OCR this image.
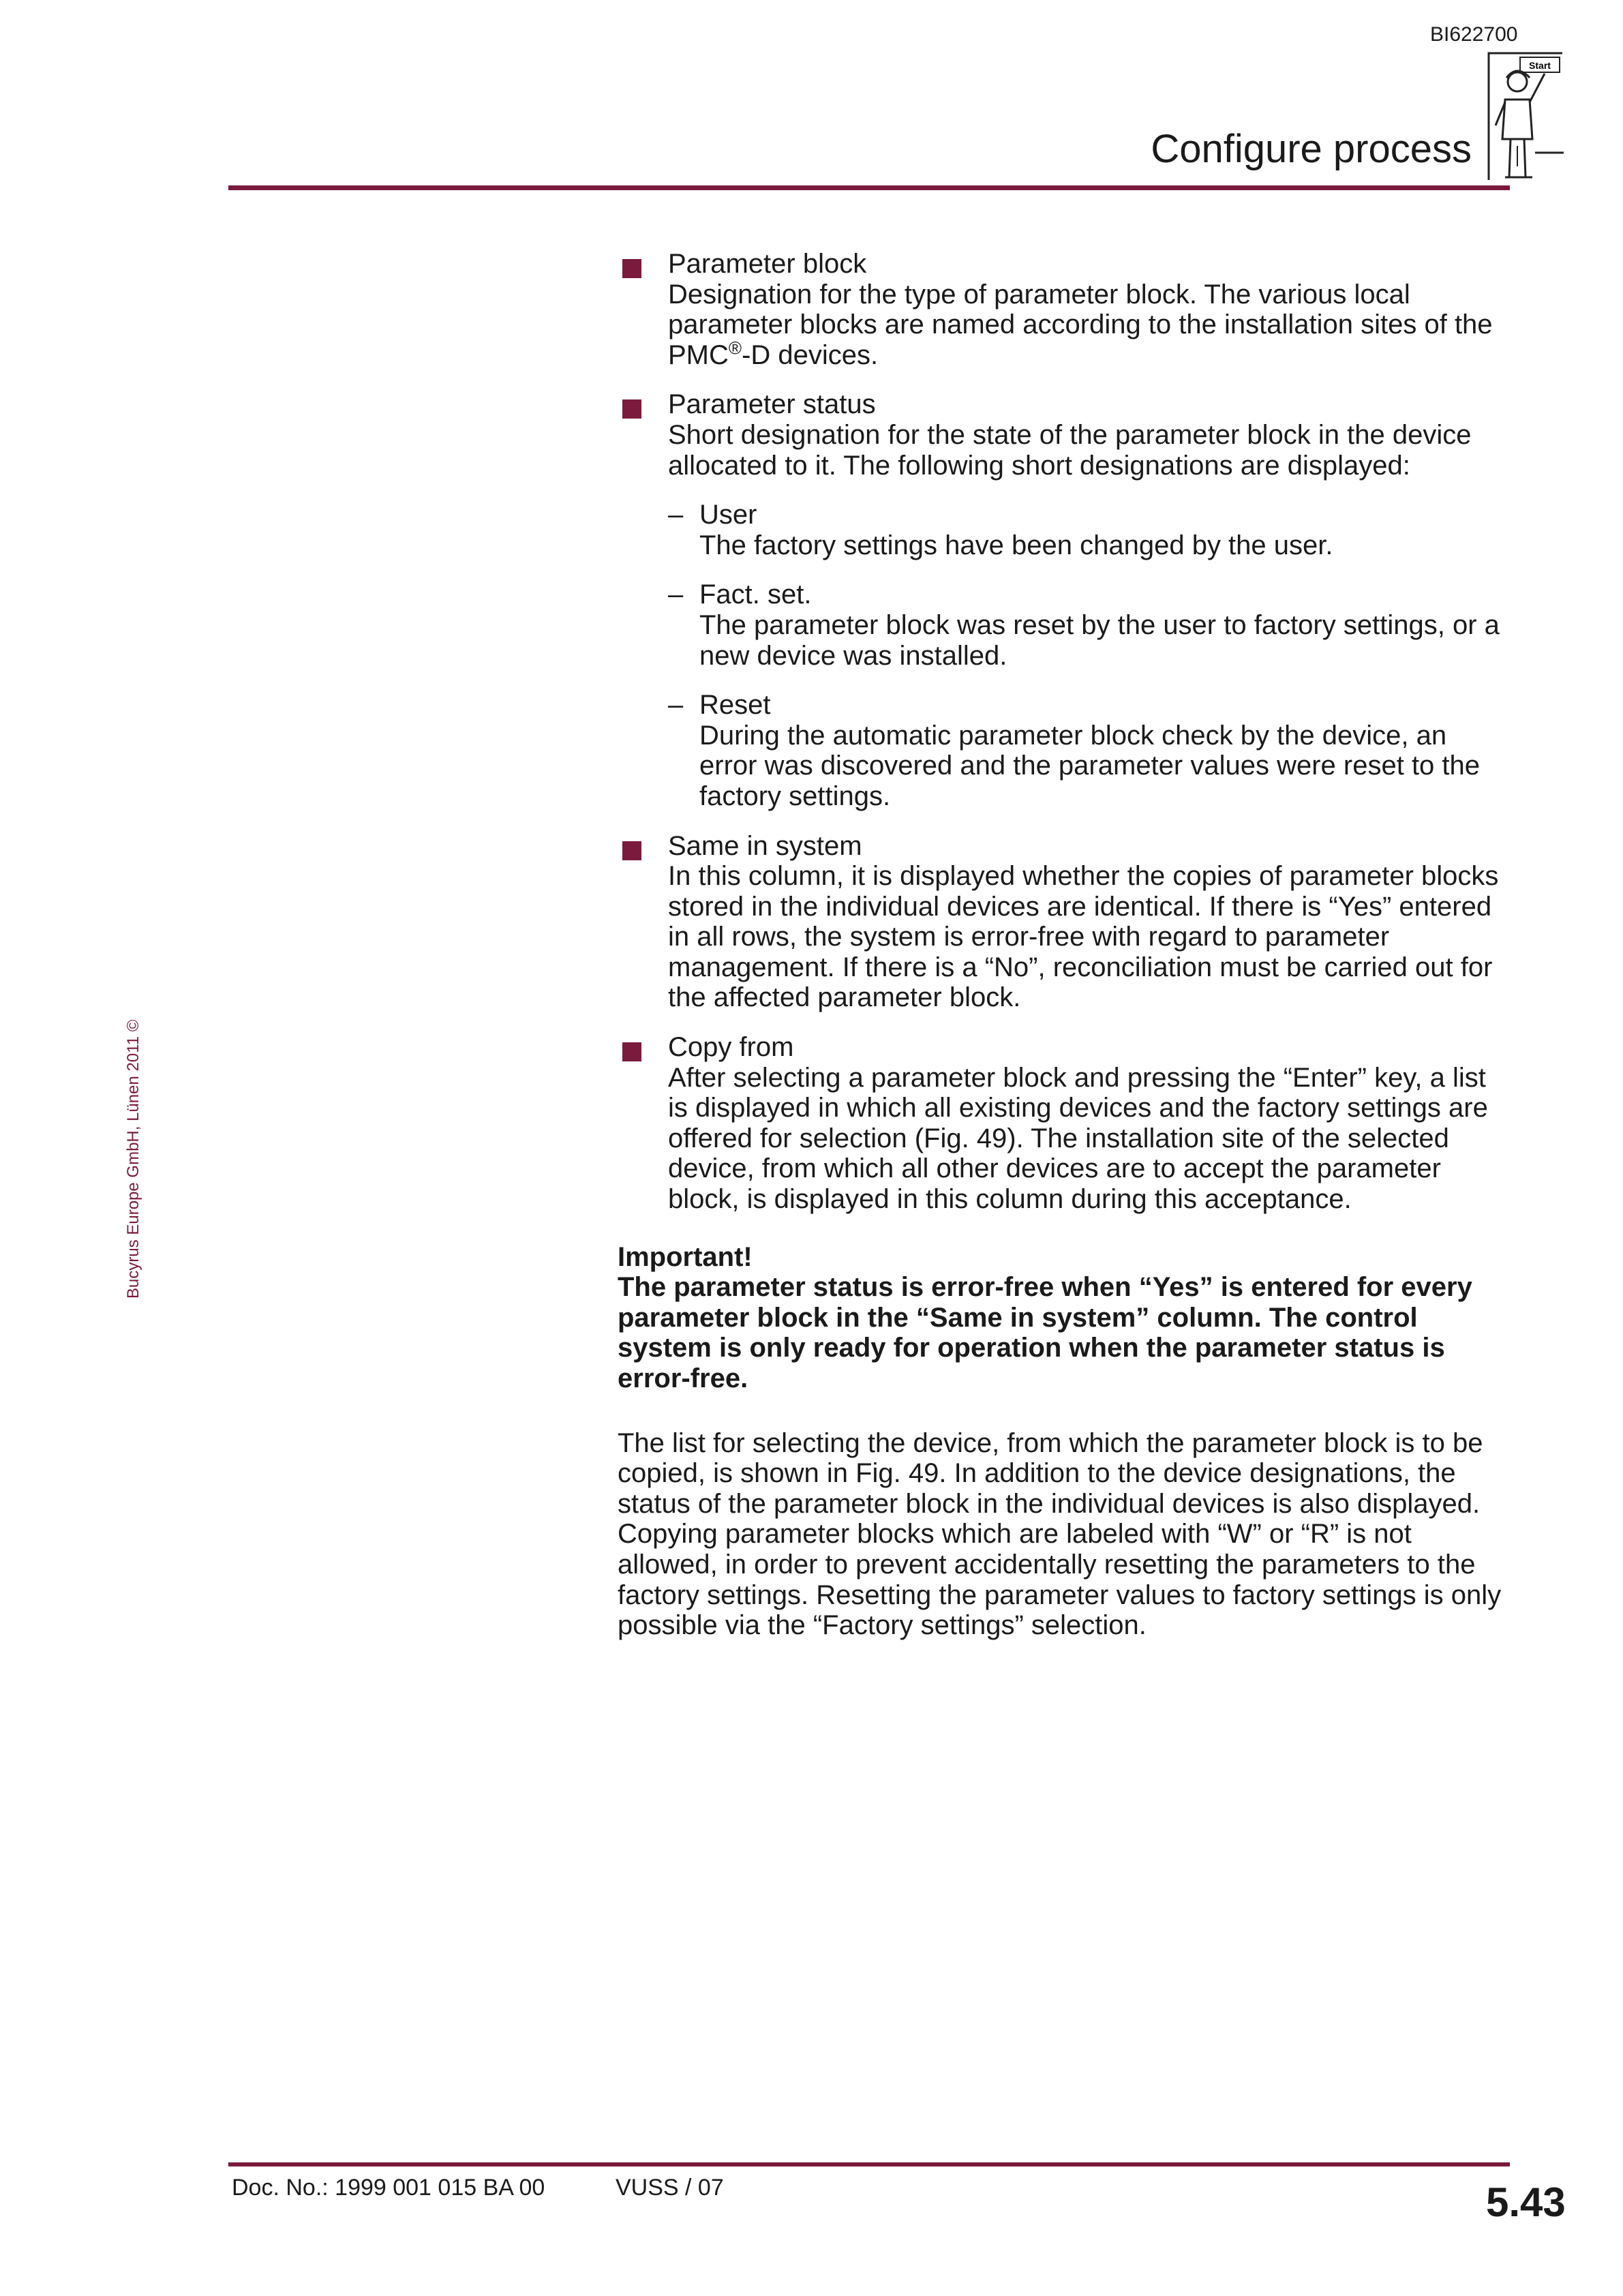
BI622700
Configure process
Start
Bucyrus Europe GmbH, Lünen 2011 ©

Parameter block

Designation for the type of parameter block. The various local parameter blocks are named according to the installation sites of the PMC®-D devices.

Parameter status

Short designation for the state of the parameter block in the device allocated to it. The following short designations are displayed:

– User

The factory settings have been changed by the user.

– Fact. set.

The parameter block was reset by the user to factory settings, or a new device was installed.

– Reset

During the automatic parameter block check by the device, an error was discovered and the parameter values were reset to the factory settings.

Same in system

In this column, it is displayed whether the copies of parameter blocks stored in the individual devices are identical. If there is “Yes” entered in all rows, the system is error-free with regard to parameter management. If there is a “No”, reconciliation must be carried out for the affected parameter block.

Copy from

After selecting a parameter block and pressing the “Enter” key, a list is displayed in which all existing devices and the factory settings are offered for selection (Fig. 49). The installation site of the selected device, from which all other devices are to accept the parameter block, is displayed in this column during this acceptance.

Important!

The parameter status is error-free when “Yes” is entered for every parameter block in the “Same in system” column. The control system is only ready for operation when the parameter status is error-free.

The list for selecting the device, from which the parameter block is to be copied, is shown in Fig. 49. In addition to the device designations, the status of the parameter block in the individual devices is also displayed. Copying parameter blocks which are labeled with “W” or “R” is not allowed, in order to prevent accidentally resetting the parameters to the factory settings. Resetting the parameter values to factory settings is only possible via the “Factory settings” selection.

Doc. No.: 1999 001 015 BA 00	VUSS / 07	5.43
